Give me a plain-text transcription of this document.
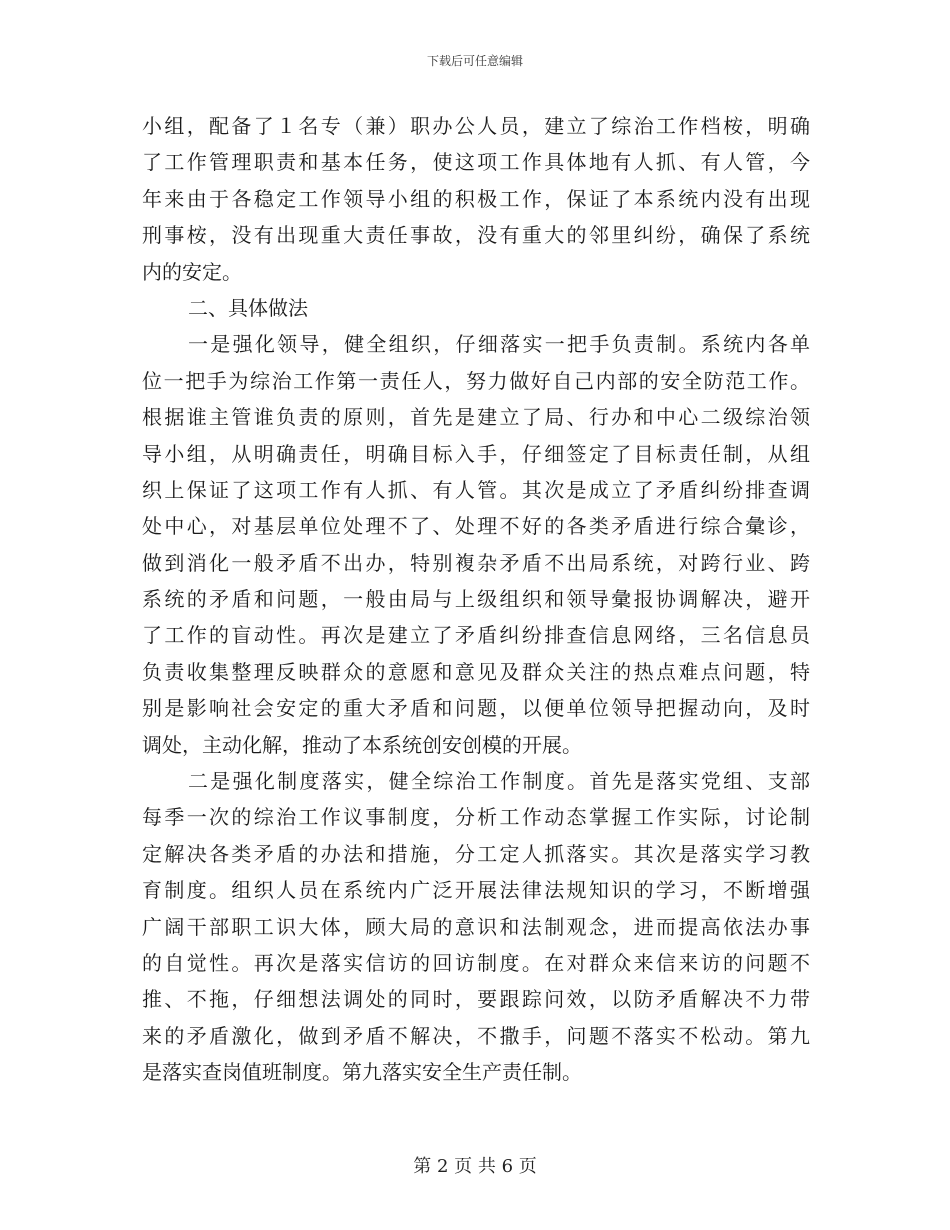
下载后可任意编辑
小组，配备了１名专（兼）职办公人员，建立了综治工作档桉，明确
了工作管理职责和基本任务，使这项工作具体地有人抓、有人管，今
年来由于各稳定工作领导小组的积极工作，保证了本系统内没有出现
刑事桉，没有出现重大责任事故，没有重大的邻里纠纷，确保了系统
内的安定。
二、具体做法
一是强化领导，健全组织，仔细落实一把手负责制。系统内各单
位一把手为综治工作第一责任人，努力做好自己内部的安全防范工作。
根据谁主管谁负责的原则，首先是建立了局、行办和中心二级综治领
导小组，从明确责任，明确目标入手，仔细签定了目标责任制，从组
织上保证了这项工作有人抓、有人管。其次是成立了矛盾纠纷排查调
处中心，对基层单位处理不了、处理不好的各类矛盾进行综合彙诊，
做到消化一般矛盾不出办，特别複杂矛盾不出局系统，对跨行业、跨
系统的矛盾和问题，一般由局与上级组织和领导彙报协调解决，避开
了工作的盲动性。再次是建立了矛盾纠纷排查信息网络，三名信息员
负责收集整理反映群众的意愿和意见及群众关注的热点难点问题，特
别是影响社会安定的重大矛盾和问题，以便单位领导把握动向，及时
调处，主动化解，推动了本系统创安创模的开展。
二是强化制度落实，健全综治工作制度。首先是落实党组、支部
每季一次的综治工作议事制度，分析工作动态掌握工作实际，讨论制
定解决各类矛盾的办法和措施，分工定人抓落实。其次是落实学习教
育制度。组织人员在系统内广泛开展法律法规知识的学习，不断增强
广阔干部职工识大体，顾大局的意识和法制观念，进而提高依法办事
的自觉性。再次是落实信访的回访制度。在对群众来信来访的问题不
推、不拖，仔细想法调处的同时，要跟踪问效，以防矛盾解决不力带
来的矛盾激化，做到矛盾不解决，不撒手，问题不落实不松动。第九
是落实查岗值班制度。第九落实安全生产责任制。
第 2 页 共 6 页
